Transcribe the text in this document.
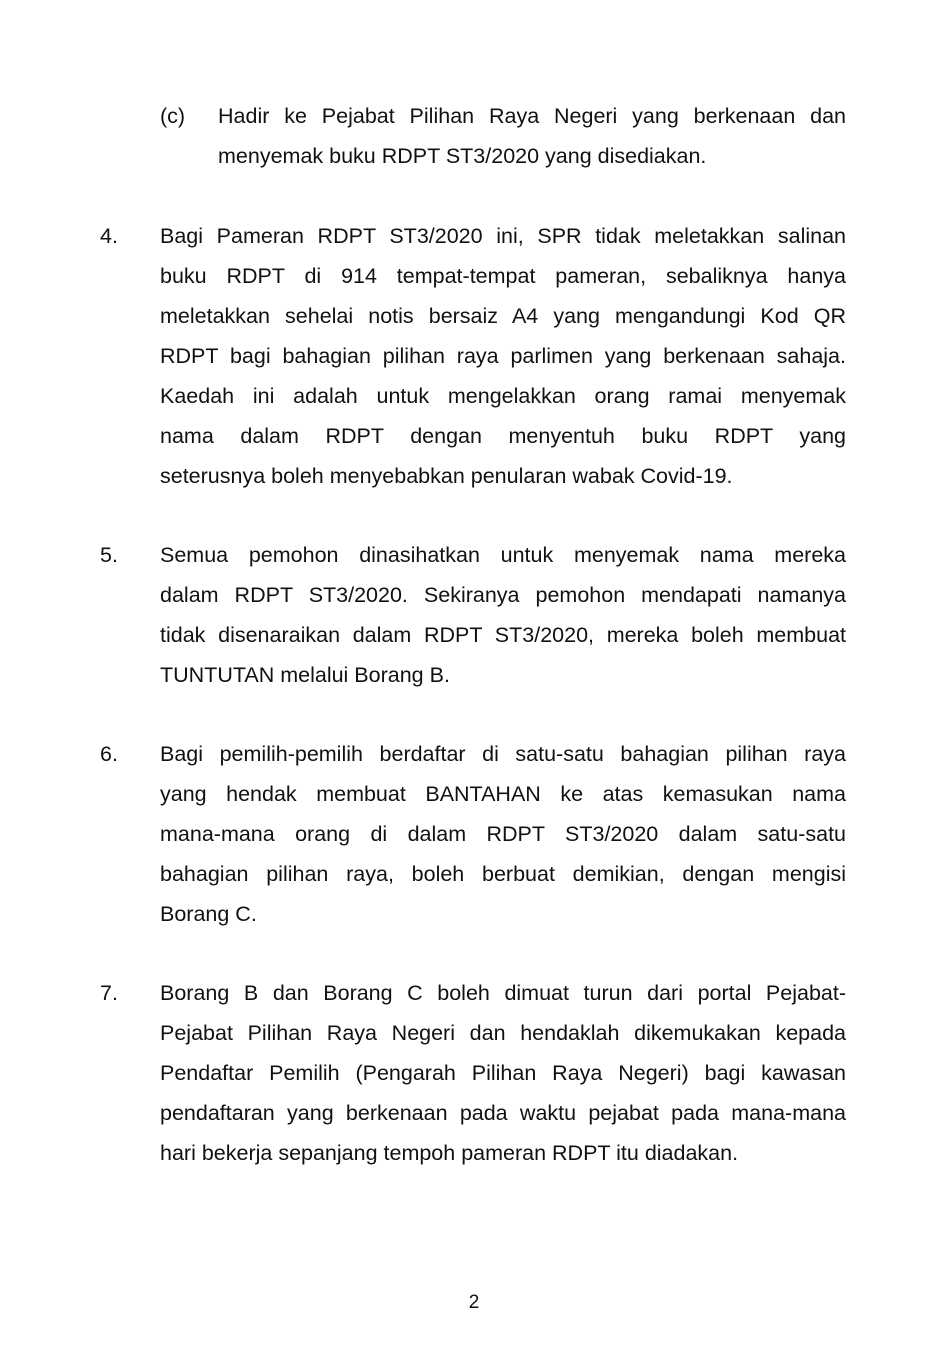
(c) Hadir ke Pejabat Pilihan Raya Negeri yang berkenaan dan
menyemak buku RDPT ST3/2020 yang disediakan.
4. Bagi Pameran RDPT ST3/2020 ini, SPR tidak meletakkan salinan
buku RDPT di 914 tempat-tempat pameran, sebaliknya hanya
meletakkan sehelai notis bersaiz A4 yang mengandungi Kod QR
RDPT bagi bahagian pilihan raya parlimen yang berkenaan sahaja.
Kaedah ini adalah untuk mengelakkan orang ramai menyemak
nama dalam RDPT dengan menyentuh buku RDPT yang
seterusnya boleh menyebabkan penularan wabak Covid-19.
5. Semua pemohon dinasihatkan untuk menyemak nama mereka
dalam RDPT ST3/2020. Sekiranya pemohon mendapati namanya
tidak disenaraikan dalam RDPT ST3/2020, mereka boleh membuat
TUNTUTAN melalui Borang B.
6. Bagi pemilih-pemilih berdaftar di satu-satu bahagian pilihan raya
yang hendak membuat BANTAHAN ke atas kemasukan nama
mana-mana orang di dalam RDPT ST3/2020 dalam satu-satu
bahagian pilihan raya, boleh berbuat demikian, dengan mengisi
Borang C.
7. Borang B dan Borang C boleh dimuat turun dari portal Pejabat-
Pejabat Pilihan Raya Negeri dan hendaklah dikemukakan kepada
Pendaftar Pemilih (Pengarah Pilihan Raya Negeri) bagi kawasan
pendaftaran yang berkenaan pada waktu pejabat pada mana-mana
hari bekerja sepanjang tempoh pameran RDPT itu diadakan.
2
